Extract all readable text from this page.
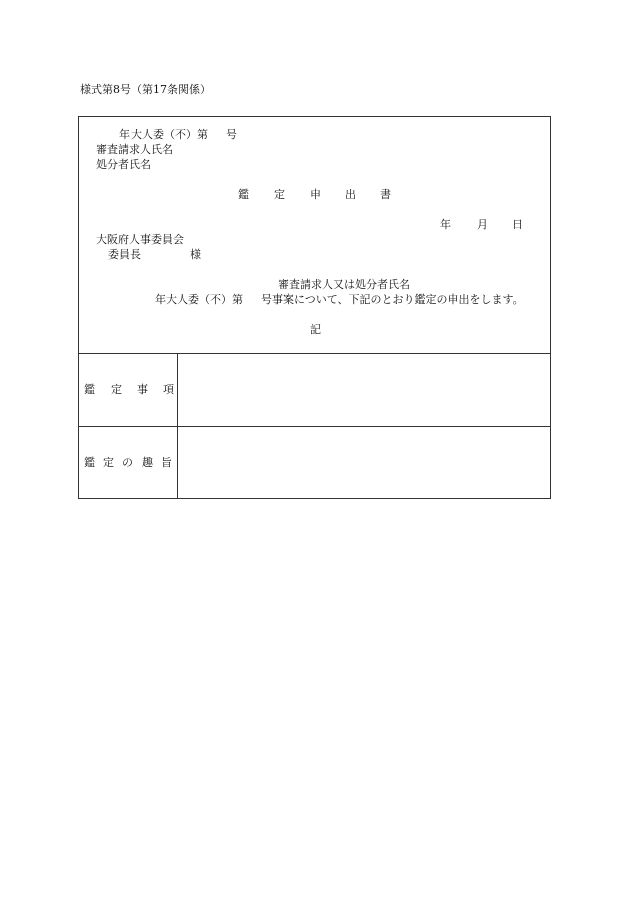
様式第8号（第17条関係）
年 大人委（不）第 号
審査請求人氏名
処分者氏名
鑑 定 申 出 書
年 月 日
大阪府人事委員会
委員長	様
審査請求人又は処分者氏名
年大人委（不）第 号事案について、下記のとおり鑑定の申出をします。
記
鑑 定 事 項
鑑 定 の 趣 旨
